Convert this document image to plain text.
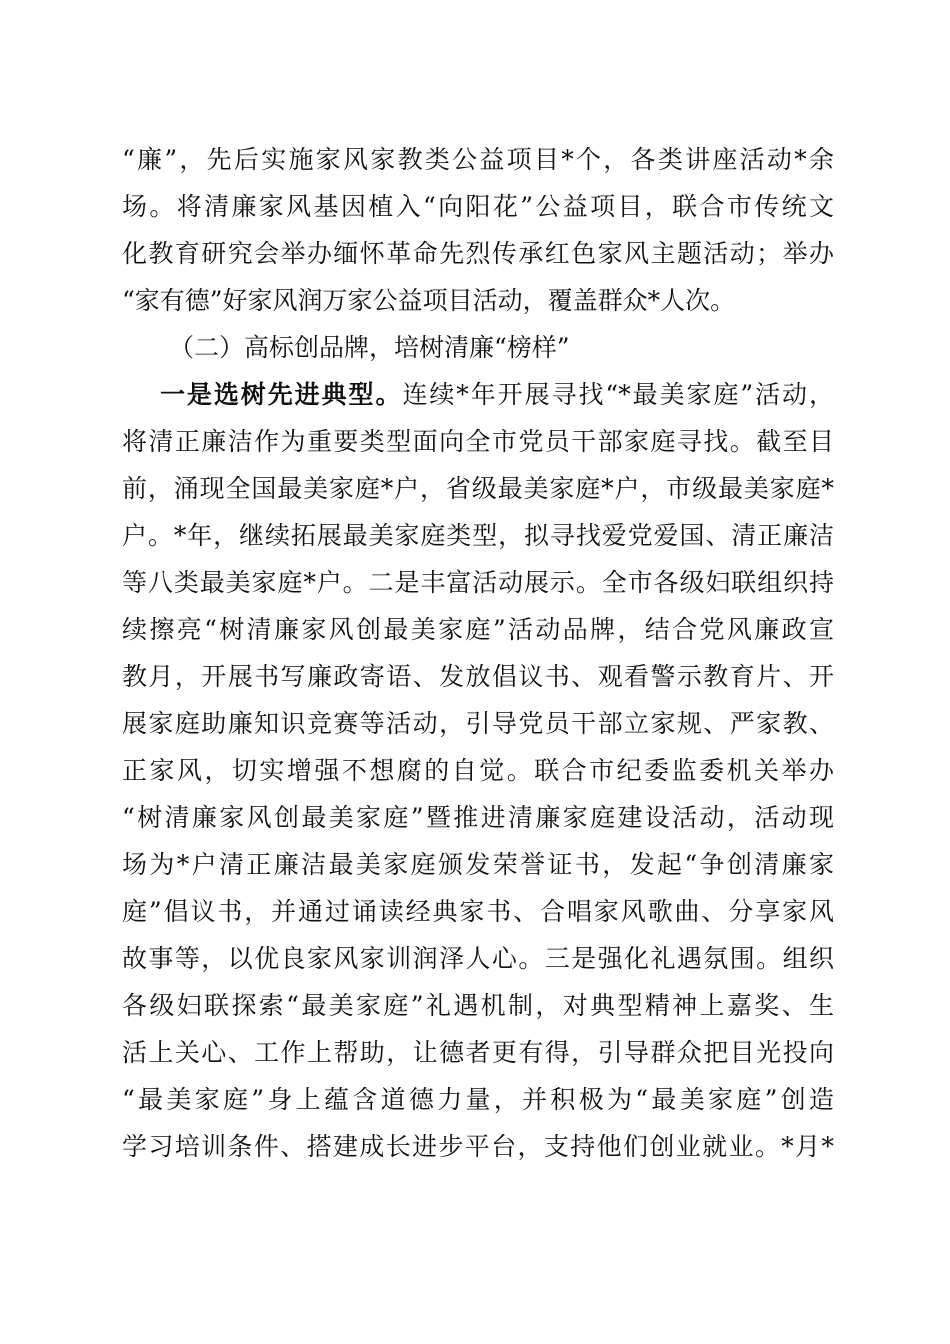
“廉”，先后实施家风家教类公益项目*个，各类讲座活动*余
场。将清廉家风基因植入“向阳花”公益项目，联合市传统文
化教育研究会举办缅怀革命先烈传承红色家风主题活动；举办
“家有德”好家风润万家公益项目活动，覆盖群众*人次。
（二）高标创品牌，培树清廉“榜样”
一是选树先进典型。连续*年开展寻找“*最美家庭”活动，
将清正廉洁作为重要类型面向全市党员干部家庭寻找。截至目
前，涌现全国最美家庭*户，省级最美家庭*户，市级最美家庭*
户。*年，继续拓展最美家庭类型，拟寻找爱党爱国、清正廉洁
等八类最美家庭*户。二是丰富活动展示。全市各级妇联组织持
续擦亮“树清廉家风创最美家庭”活动品牌，结合党风廉政宣
教月，开展书写廉政寄语、发放倡议书、观看警示教育片、开
展家庭助廉知识竞赛等活动，引导党员干部立家规、严家教、
正家风，切实增强不想腐的自觉。联合市纪委监委机关举办
“树清廉家风创最美家庭”暨推进清廉家庭建设活动，活动现
场为*户清正廉洁最美家庭颁发荣誉证书，发起“争创清廉家
庭”倡议书，并通过诵读经典家书、合唱家风歌曲、分享家风
故事等，以优良家风家训润泽人心。三是强化礼遇氛围。组织
各级妇联探索“最美家庭”礼遇机制，对典型精神上嘉奖、生
活上关心、工作上帮助，让德者更有得，引导群众把目光投向
“最美家庭”身上蕴含道德力量，并积极为“最美家庭”创造
学习培训条件、搭建成长进步平台，支持他们创业就业。*月*
